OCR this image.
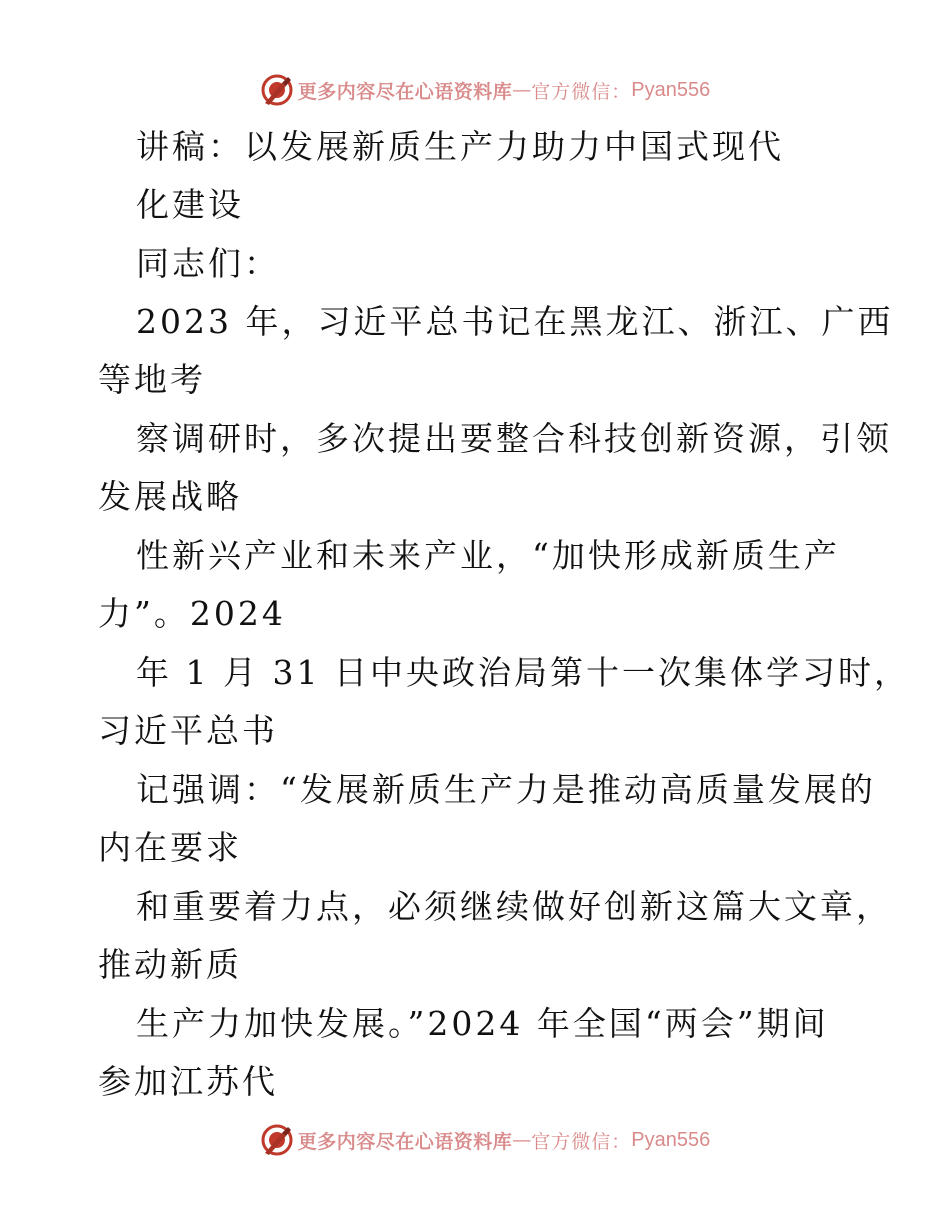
更多内容尽在心语资料库 — 官方微信： Pyan556
讲稿：以发展新质生产力助力中国式现代
化建设
同志们：
2023 年，习近平总书记在黑龙江、浙江、广西
等地考
察调研时，多次提出要整合科技创新资源，引领
发展战略
性新兴产业和未来产业，“加快形成新质生产
力”。2024
年 1 月 31 日中央政治局第十一次集体学习时，
习近平总书
记强调：“发展新质生产力是推动高质量发展的
内在要求
和重要着力点，必须继续做好创新这篇大文章，
推动新质
生产力加快发展。”2024 年全国“两会”期间
参加江苏代
更多内容尽在心语资料库 — 官方微信： Pyan556
